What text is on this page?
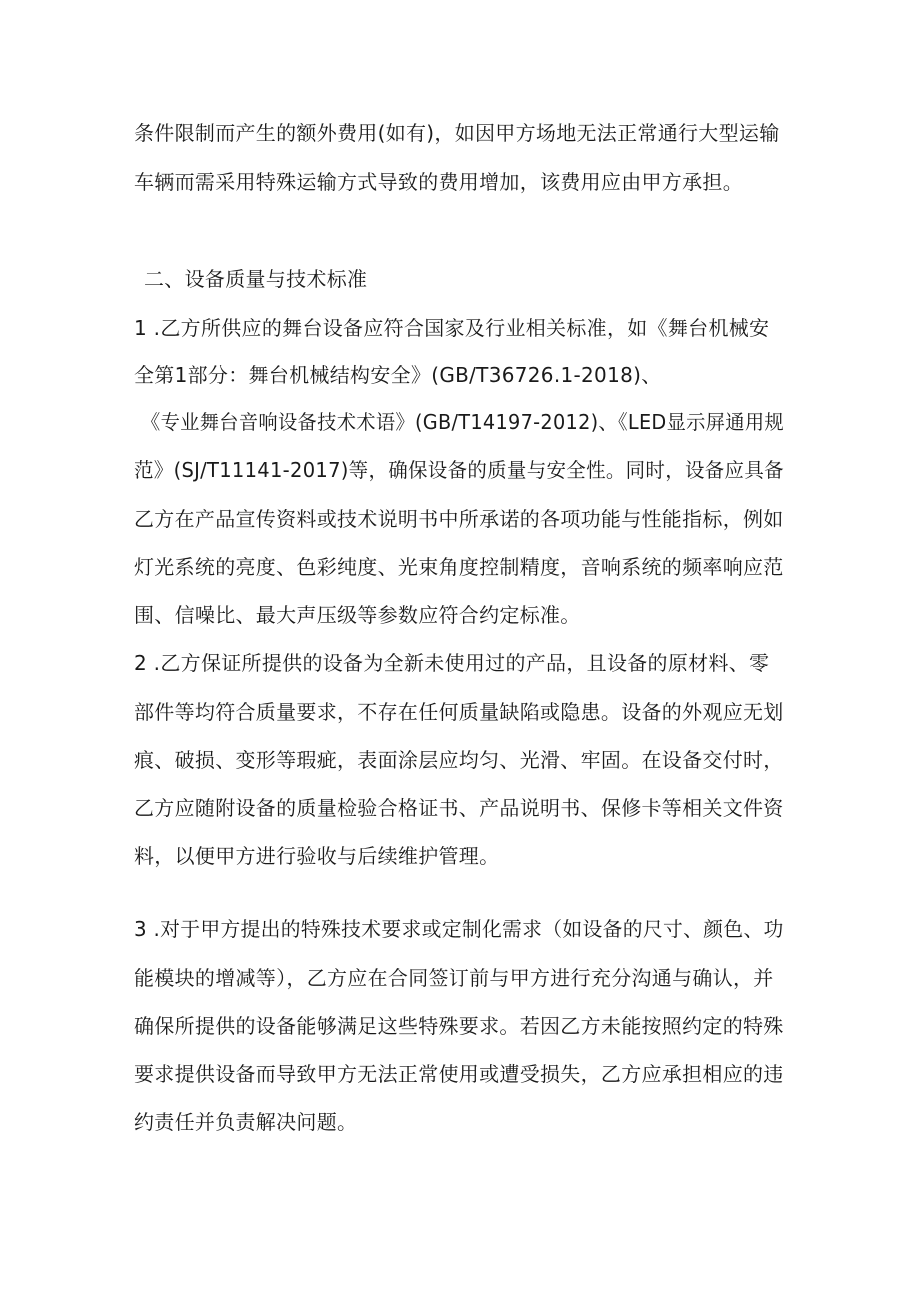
条件限制而产生的额外费用(如有)，如因甲方场地无法正常通行大型运输
车辆而需采用特殊运输方式导致的费用增加，该费用应由甲方承担。
二、设备质量与技术标准
1 .乙方所供应的舞台设备应符合国家及行业相关标准，如《舞台机械安
全第1部分：舞台机械结构安全》(GB/T36726.1-2018)、
《专业舞台音响设备技术术语》(GB/T14197-2012)、《LED显示屏通用规
范》(SJ/T11141-2017)等，确保设备的质量与安全性。同时，设备应具备
乙方在产品宣传资料或技术说明书中所承诺的各项功能与性能指标，例如
灯光系统的亮度、色彩纯度、光束角度控制精度，音响系统的频率响应范
围、信噪比、最大声压级等参数应符合约定标准。
2 .乙方保证所提供的设备为全新未使用过的产品，且设备的原材料、零
部件等均符合质量要求，不存在任何质量缺陷或隐患。设备的外观应无划
痕、破损、变形等瑕疵，表面涂层应均匀、光滑、牢固。在设备交付时，
乙方应随附设备的质量检验合格证书、产品说明书、保修卡等相关文件资
料，以便甲方进行验收与后续维护管理。
3 .对于甲方提出的特殊技术要求或定制化需求（如设备的尺寸、颜色、功
能模块的增减等），乙方应在合同签订前与甲方进行充分沟通与确认，并
确保所提供的设备能够满足这些特殊要求。若因乙方未能按照约定的特殊
要求提供设备而导致甲方无法正常使用或遭受损失，乙方应承担相应的违
约责任并负责解决问题。
